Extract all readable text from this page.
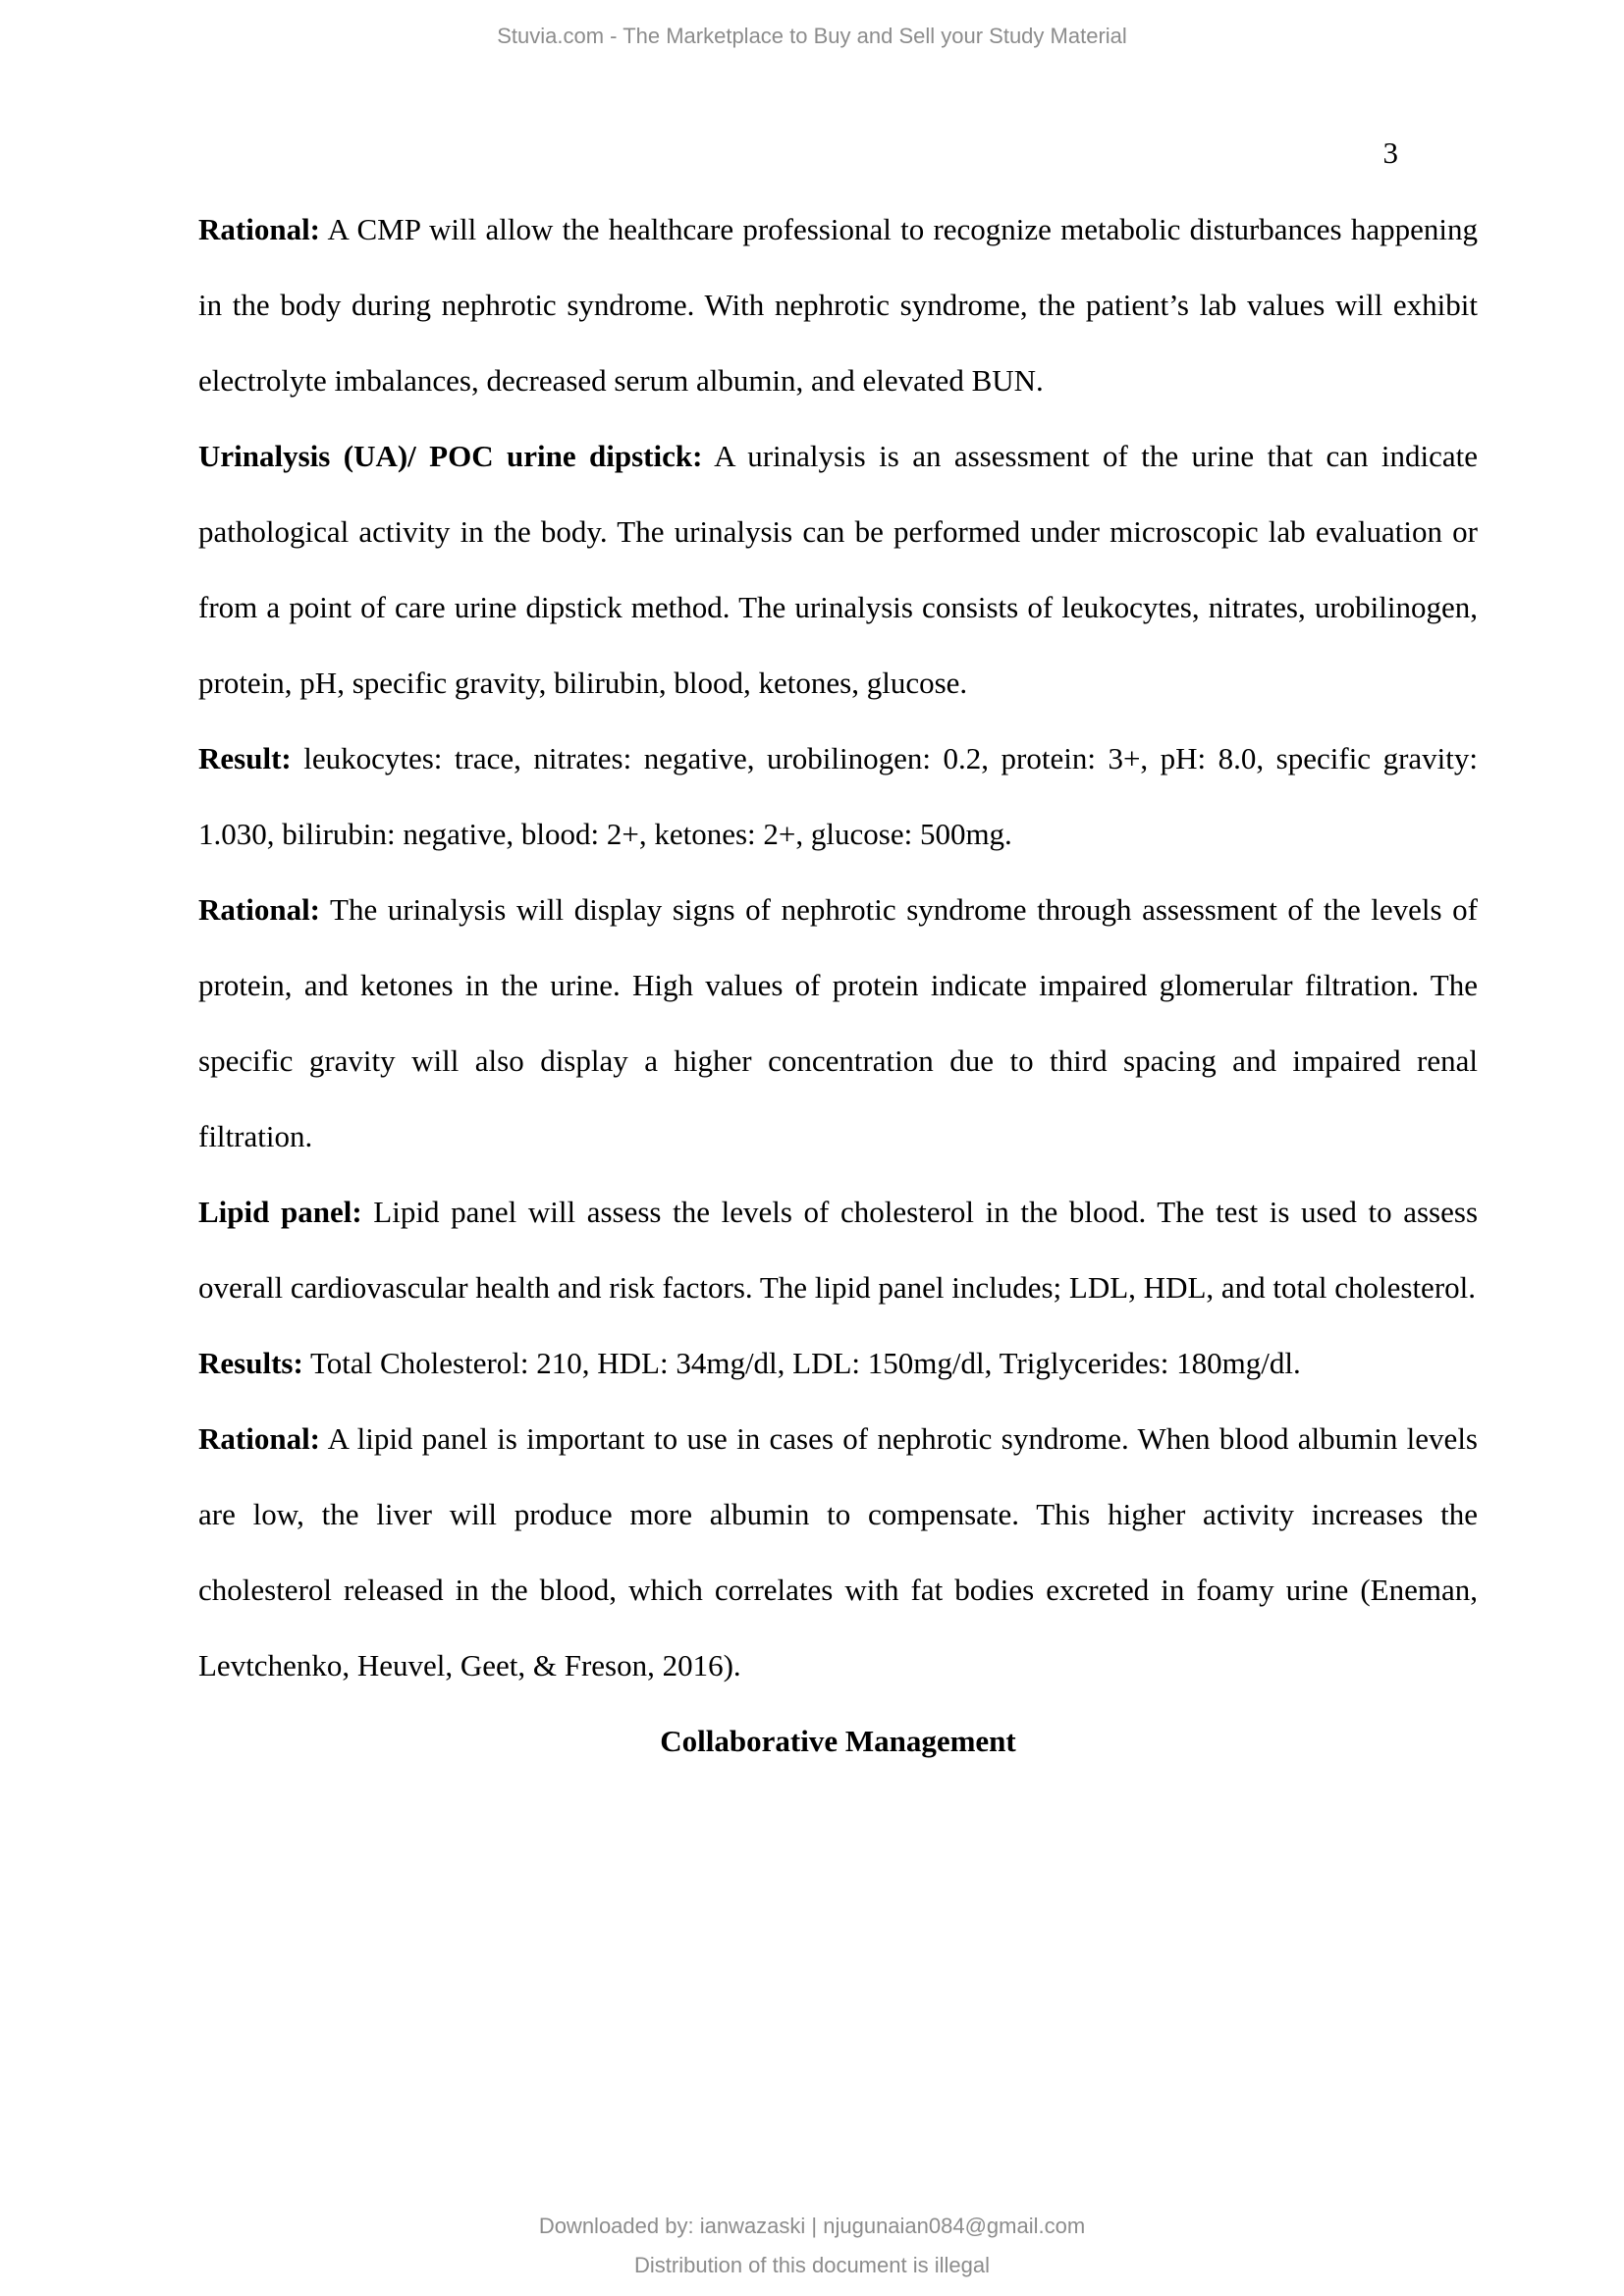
Stuvia.com - The Marketplace to Buy and Sell your Study Material
3

Rational: A CMP will allow the healthcare professional to recognize metabolic disturbances happening in the body during nephrotic syndrome. With nephrotic syndrome, the patient’s lab values will exhibit electrolyte imbalances, decreased serum albumin, and elevated BUN.

Urinalysis (UA)/ POC urine dipstick: A urinalysis is an assessment of the urine that can indicate pathological activity in the body. The urinalysis can be performed under microscopic lab evaluation or from a point of care urine dipstick method. The urinalysis consists of leukocytes, nitrates, urobilinogen, protein, pH, specific gravity, bilirubin, blood, ketones, glucose.

Result: leukocytes: trace, nitrates: negative, urobilinogen: 0.2, protein: 3+, pH: 8.0, specific gravity: 1.030, bilirubin: negative, blood: 2+, ketones: 2+, glucose: 500mg.

Rational: The urinalysis will display signs of nephrotic syndrome through assessment of the levels of protein, and ketones in the urine. High values of protein indicate impaired glomerular filtration. The specific gravity will also display a higher concentration due to third spacing and impaired renal filtration.

Lipid panel: Lipid panel will assess the levels of cholesterol in the blood. The test is used to assess overall cardiovascular health and risk factors. The lipid panel includes; LDL, HDL, and total cholesterol.

Results: Total Cholesterol: 210, HDL: 34mg/dl, LDL: 150mg/dl, Triglycerides: 180mg/dl.

Rational: A lipid panel is important to use in cases of nephrotic syndrome. When blood albumin levels are low, the liver will produce more albumin to compensate. This higher activity increases the cholesterol released in the blood, which correlates with fat bodies excreted in foamy urine (Eneman, Levtchenko, Heuvel, Geet, & Freson, 2016).

Collaborative Management

Downloaded by: ianwazaski | njugunaian084@gmail.com
Distribution of this document is illegal
